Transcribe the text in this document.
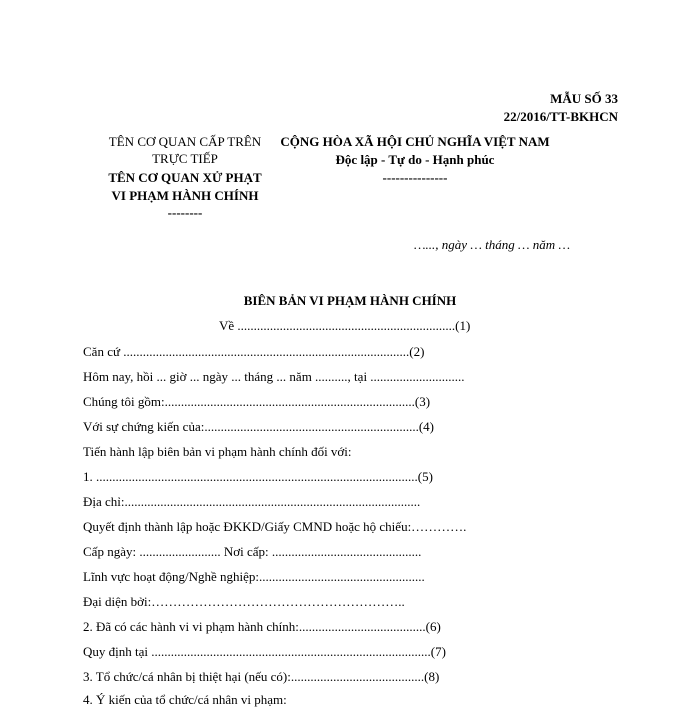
MẪU SỐ 33
22/2016/TT-BKHCN
TÊN CƠ QUAN CẤP TRÊN
TRỰC TIẾP
TÊN CƠ QUAN XỬ PHẠT
VI PHẠM HÀNH CHÍNH
--------
CỘNG HÒA XÃ HỘI CHỦ NGHĨA VIỆT NAM
Độc lập - Tự do - Hạnh phúc
---------------
…..., ngày … tháng … năm …
BIÊN BẢN VI PHẠM HÀNH CHÍNH
Về ...................................................................(1)
Căn cứ ........................................................................................(2)
Hôm nay, hồi ... giờ ... ngày ... tháng ... năm .........., tại .............................
Chúng tôi gồm:.............................................................................(3)
Với sự chứng kiến của:..................................................................(4)
Tiến hành lập biên bản vi phạm hành chính đối với:
1. ...................................................................................................(5)
Địa chỉ:...........................................................................................
Quyết định thành lập hoặc ĐKKD/Giấy CMND hoặc hộ chiếu:………….
Cấp ngày: ......................... Nơi cấp: ..............................................
Lĩnh vực hoạt động/Nghề nghiệp:...................................................
Đại diện bởi:…………………………………………………..
2. Đã có các hành vi vi phạm hành chính:.......................................(6)
Quy định tại ......................................................................................(7)
3. Tổ chức/cá nhân bị thiệt hại (nếu có):.........................................(8)
4. Ý kiến của tổ chức/cá nhân vi phạm:
